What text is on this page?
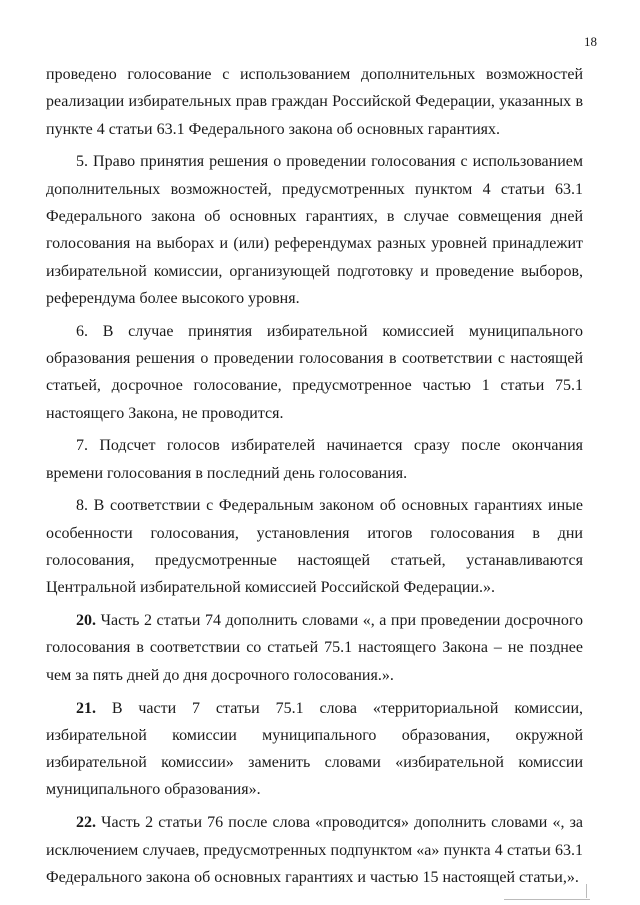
18

проведено голосование с использованием дополнительных возможностей реализации избирательных прав граждан Российской Федерации, указанных в пункте 4 статьи 63.1 Федерального закона об основных гарантиях.

5. Право принятия решения о проведении голосования с использованием дополнительных возможностей, предусмотренных пунктом 4 статьи 63.1 Федерального закона об основных гарантиях, в случае совмещения дней голосования на выборах и (или) референдумах разных уровней принадлежит избирательной комиссии, организующей подготовку и проведение выборов, референдума более высокого уровня.

6. В случае принятия избирательной комиссией муниципального образования решения о проведении голосования в соответствии с настоящей статьей, досрочное голосование, предусмотренное частью 1 статьи 75.1 настоящего Закона, не проводится.

7. Подсчет голосов избирателей начинается сразу после окончания времени голосования в последний день голосования.

8. В соответствии с Федеральным законом об основных гарантиях иные особенности голосования, установления итогов голосования в дни голосования, предусмотренные настоящей статьей, устанавливаются Центральной избирательной комиссией Российской Федерации.».

20. Часть 2 статьи 74 дополнить словами «, а при проведении досрочного голосования в соответствии со статьей 75.1 настоящего Закона – не позднее чем за пять дней до дня досрочного голосования.».

21. В части 7 статьи 75.1 слова «территориальной комиссии, избирательной комиссии муниципального образования, окружной избирательной комиссии» заменить словами «избирательной комиссии муниципального образования».

22. Часть 2 статьи 76 после слова «проводится» дополнить словами «, за исключением случаев, предусмотренных подпунктом «а» пункта 4 статьи 63.1 Федерального закона об основных гарантиях и частью 15 настоящей статьи,».
